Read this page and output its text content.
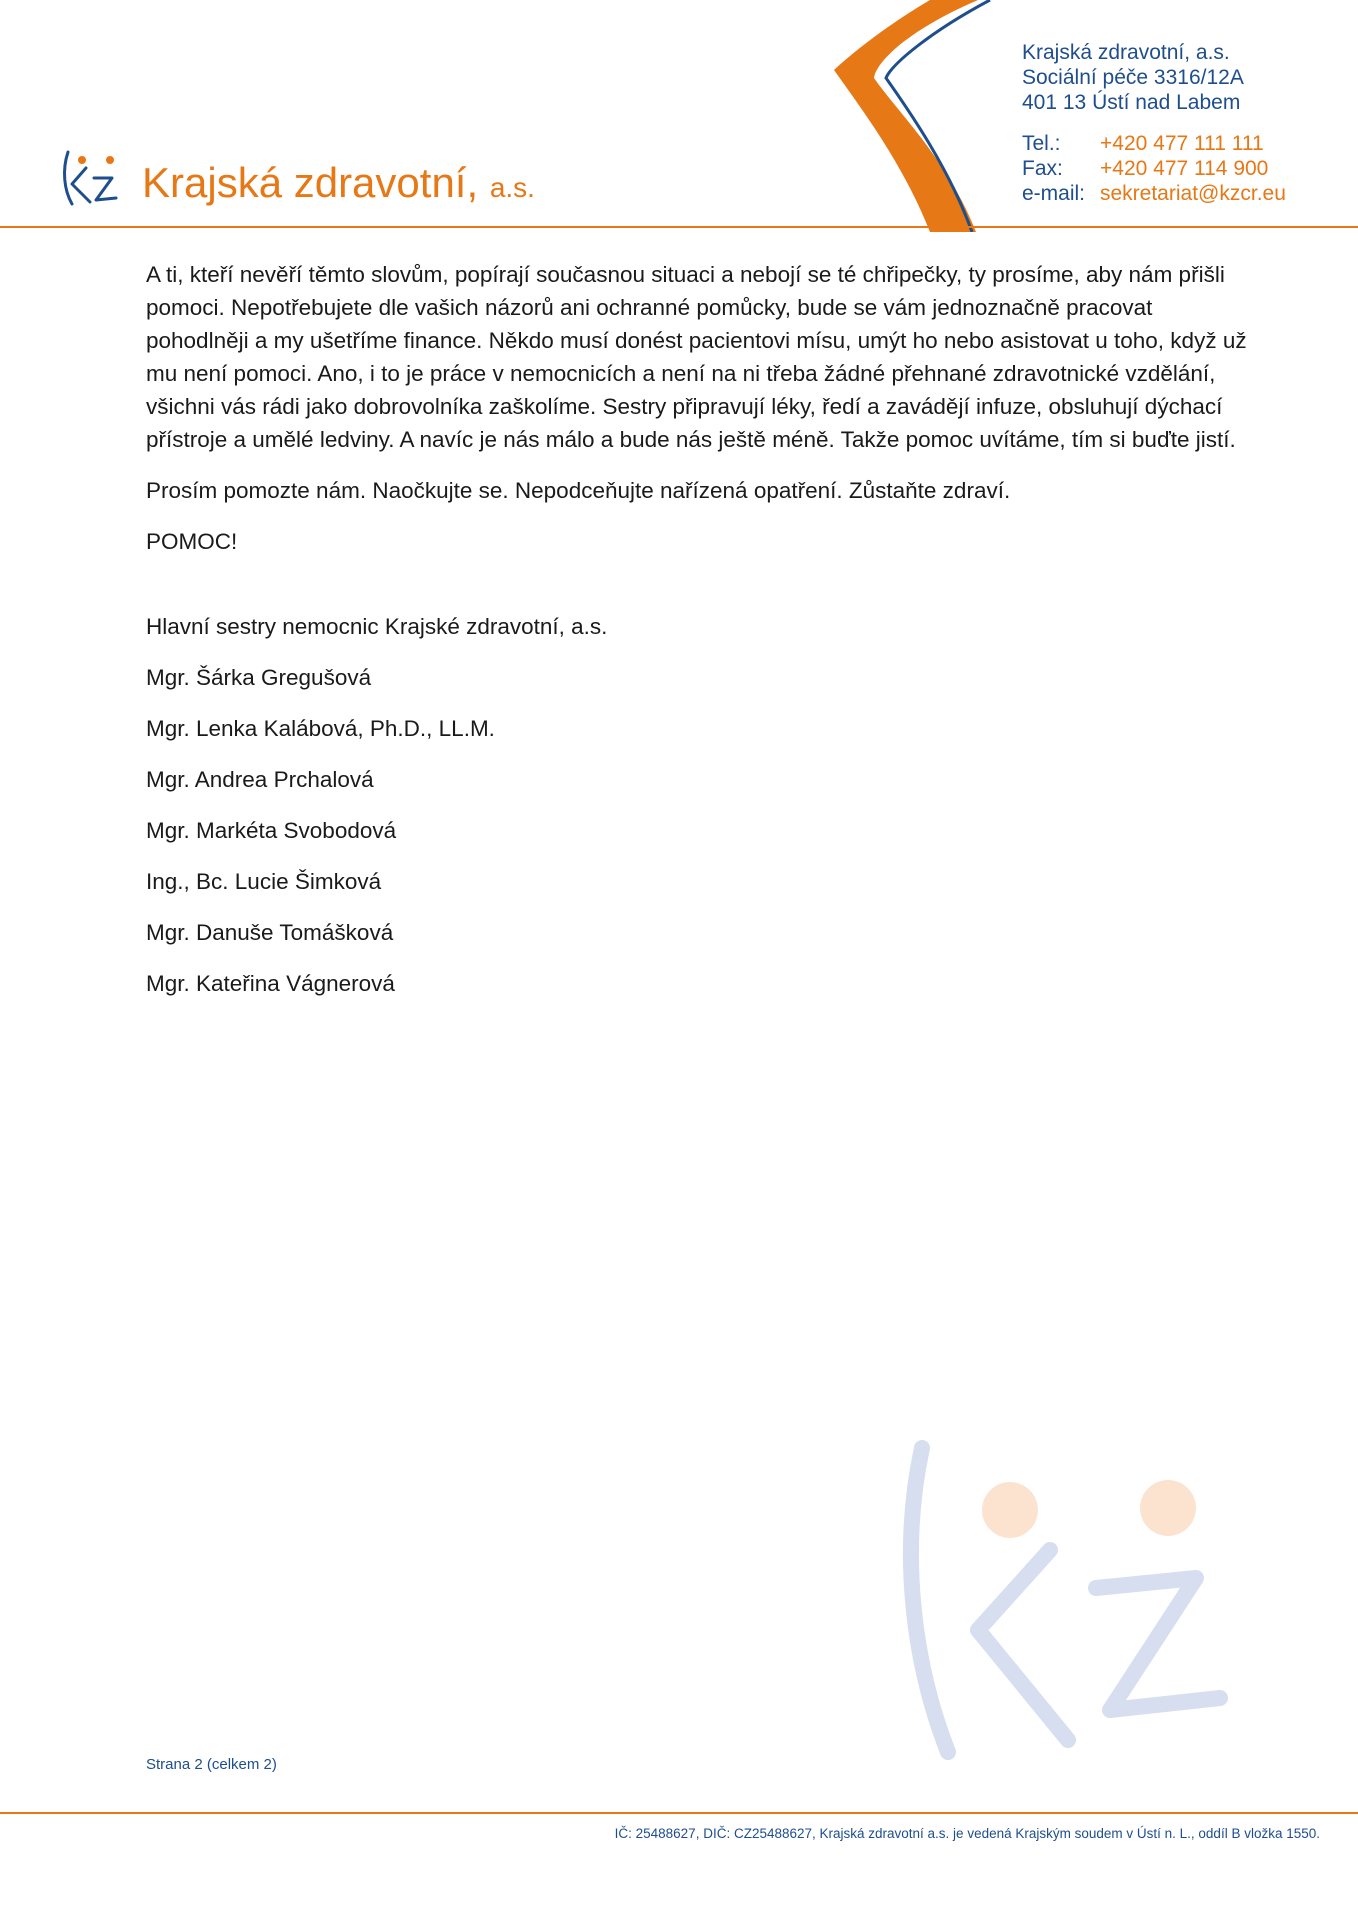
Krajská zdravotní, a.s.
Krajská zdravotní, a.s.
Sociální péče 3316/12A
401 13 Ústí nad Labem
Tel.:	+420 477 111 111
Fax:	+420 477 114 900
e-mail: sekretariat@kzcr.eu

A ti, kteří nevěří těmto slovům, popírají současnou situaci a nebojí se té chřipečky, ty prosíme, aby nám přišli pomoci. Nepotřebujete dle vašich názorů ani ochranné pomůcky, bude se vám jednoznačně pracovat pohodlněji a my ušetříme finance. Někdo musí donést pacientovi mísu, umýt ho nebo asistovat u toho, když už mu není pomoci. Ano, i to je práce v nemocnicích a není na ni třeba žádné přehnané zdravotnické vzdělání, všichni vás rádi jako dobrovolníka zaškolíme. Sestry připravují léky, ředí a zavádějí infuze, obsluhují dýchací přístroje a umělé ledviny. A navíc je nás málo a bude nás ještě méně. Takže pomoc uvítáme, tím si buďte jistí.

Prosím pomozte nám. Naočkujte se. Nepodceňujte nařízená opatření. Zůstaňte zdraví.

POMOC!

Hlavní sestry nemocnic Krajské zdravotní, a.s.

Mgr. Šárka Gregušová

Mgr. Lenka Kalábová, Ph.D., LL.M.

Mgr. Andrea Prchalová

Mgr. Markéta Svobodová

Ing., Bc. Lucie Šimková

Mgr. Danuše Tomášková

Mgr. Kateřina Vágnerová

Strana 2 (celkem 2)
IČ: 25488627, DIČ: CZ25488627, Krajská zdravotní a.s. je vedená Krajským soudem v Ústí n. L., oddíl B vložka 1550.
